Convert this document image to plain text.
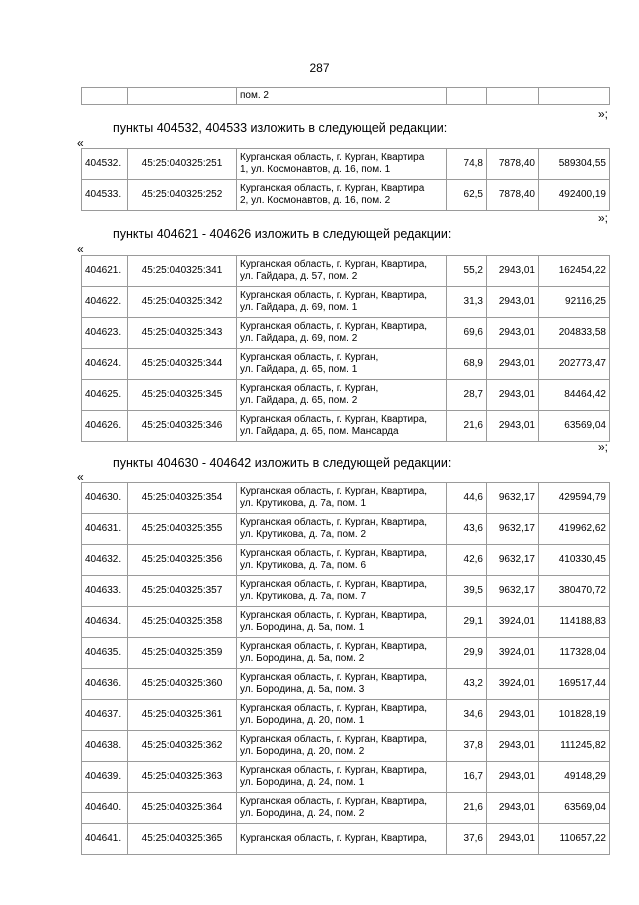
287
		пом. 2			
»;
пункты 404532, 404533 изложить в следующей редакции:
«
404532.	45:25:040325:251	Курганская область, г. Курган, Квартира
1, ул. Космонавтов, д. 16, пом. 1	74,8	7878,40	589304,55
404533.	45:25:040325:252	Курганская область, г. Курган, Квартира
2, ул. Космонавтов, д. 16, пом. 2	62,5	7878,40	492400,19
»;
пункты 404621 - 404626 изложить в следующей редакции:
«
404621.	45:25:040325:341	Курганская область, г. Курган, Квартира,
ул. Гайдара, д. 57, пом. 2	55,2	2943,01	162454,22
404622.	45:25:040325:342	Курганская область, г. Курган, Квартира,
ул. Гайдара, д. 69, пом. 1	31,3	2943,01	92116,25
404623.	45:25:040325:343	Курганская область, г. Курган, Квартира,
ул. Гайдара, д. 69, пом. 2	69,6	2943,01	204833,58
404624.	45:25:040325:344	Курганская область, г. Курган,
ул. Гайдара, д. 65, пом. 1	68,9	2943,01	202773,47
404625.	45:25:040325:345	Курганская область, г. Курган,
ул. Гайдара, д. 65, пом. 2	28,7	2943,01	84464,42
404626.	45:25:040325:346	Курганская область, г. Курган, Квартира,
ул. Гайдара, д. 65, пом. Мансарда	21,6	2943,01	63569,04
»;
пункты 404630 - 404642 изложить в следующей редакции:
«
404630.	45:25:040325:354	Курганская область, г. Курган, Квартира,
ул. Крутикова, д. 7а, пом. 1	44,6	9632,17	429594,79
404631.	45:25:040325:355	Курганская область, г. Курган, Квартира,
ул. Крутикова, д. 7а, пом. 2	43,6	9632,17	419962,62
404632.	45:25:040325:356	Курганская область, г. Курган, Квартира,
ул. Крутикова, д. 7а, пом. 6	42,6	9632,17	410330,45
404633.	45:25:040325:357	Курганская область, г. Курган, Квартира,
ул. Крутикова, д. 7а, пом. 7	39,5	9632,17	380470,72
404634.	45:25:040325:358	Курганская область, г. Курган, Квартира,
ул. Бородина, д. 5а, пом. 1	29,1	3924,01	114188,83
404635.	45:25:040325:359	Курганская область, г. Курган, Квартира,
ул. Бородина, д. 5а, пом. 2	29,9	3924,01	117328,04
404636.	45:25:040325:360	Курганская область, г. Курган, Квартира,
ул. Бородина, д. 5а, пом. 3	43,2	3924,01	169517,44
404637.	45:25:040325:361	Курганская область, г. Курган, Квартира,
ул. Бородина, д. 20, пом. 1	34,6	2943,01	101828,19
404638.	45:25:040325:362	Курганская область, г. Курган, Квартира,
ул. Бородина, д. 20, пом. 2	37,8	2943,01	111245,82
404639.	45:25:040325:363	Курганская область, г. Курган, Квартира,
ул. Бородина, д. 24, пом. 1	16,7	2943,01	49148,29
404640.	45:25:040325:364	Курганская область, г. Курган, Квартира,
ул. Бородина, д. 24, пом. 2	21,6	2943,01	63569,04
404641.	45:25:040325:365	Курганская область, г. Курган, Квартира,	37,6	2943,01	110657,22
